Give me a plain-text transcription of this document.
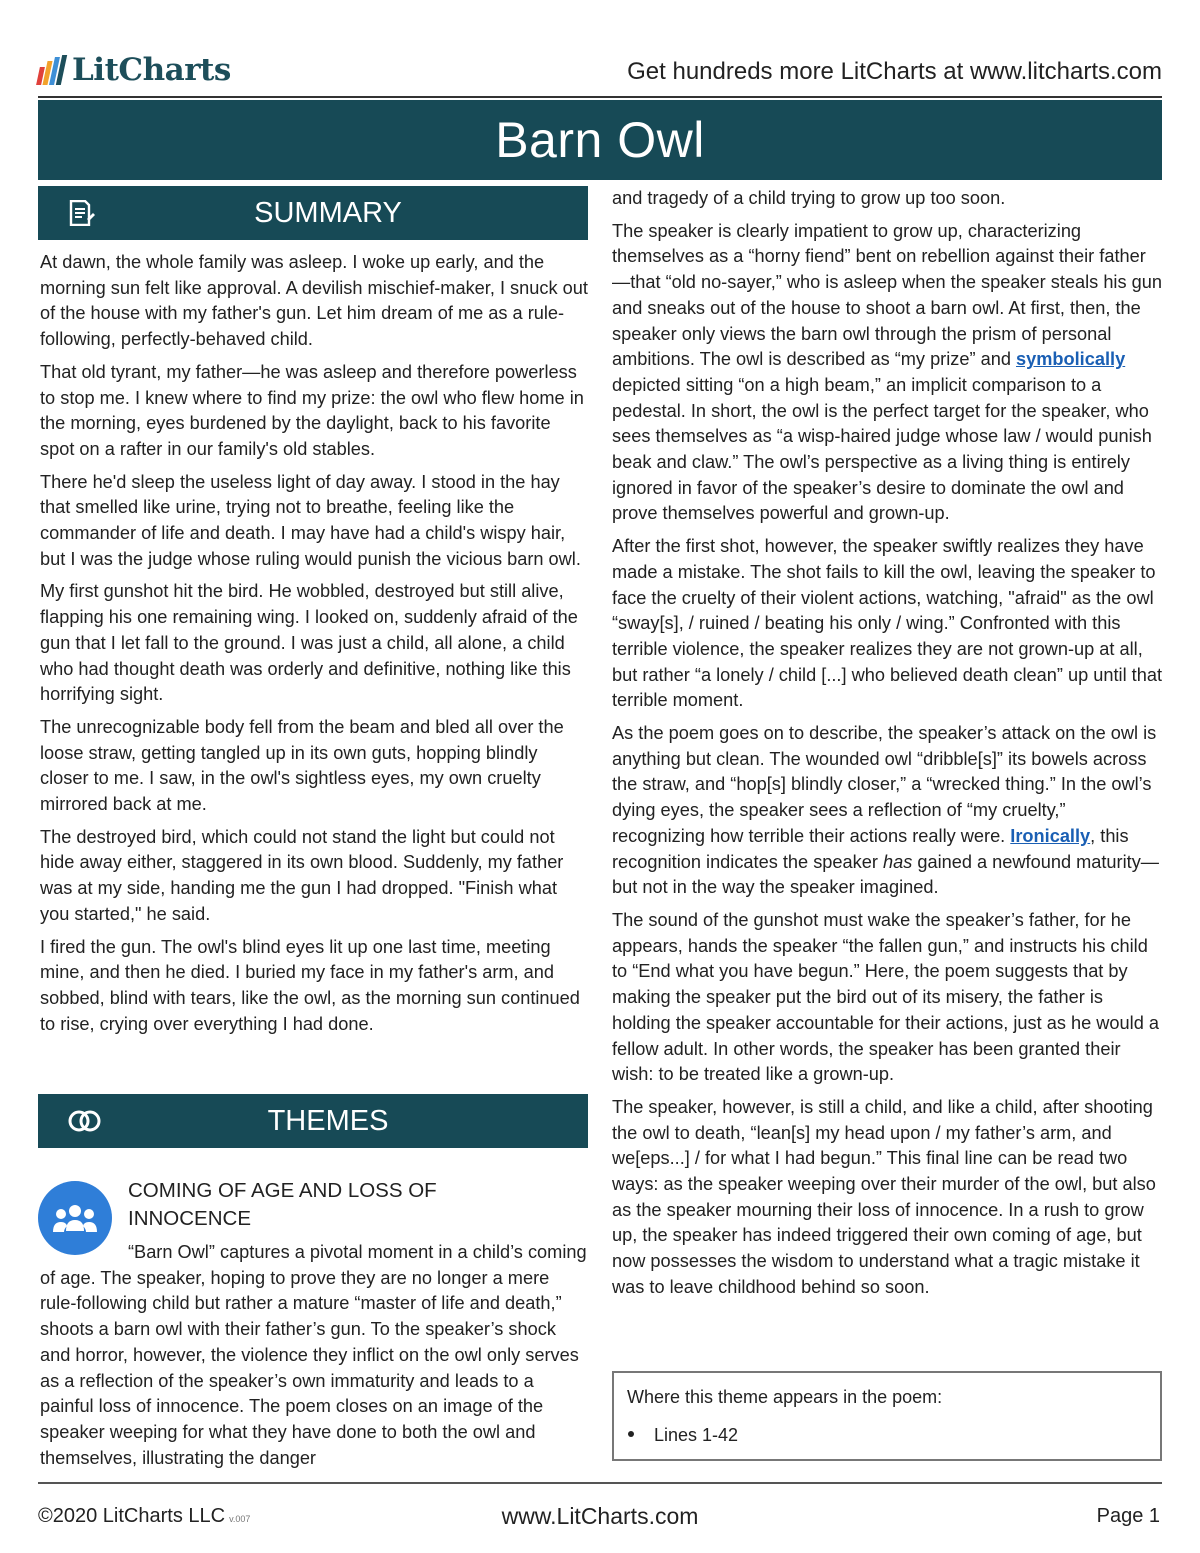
LitCharts	Get hundreds more LitCharts at www.litcharts.com
Barn Owl
SUMMARY

At dawn, the whole family was asleep. I woke up early, and the morning sun felt like approval. A devilish mischief-maker, I snuck out of the house with my father's gun. Let him dream of me as a rule-following, perfectly-behaved child.

That old tyrant, my father—he was asleep and therefore powerless to stop me. I knew where to find my prize: the owl who flew home in the morning, eyes burdened by the daylight, back to his favorite spot on a rafter in our family's old stables.

There he'd sleep the useless light of day away. I stood in the hay that smelled like urine, trying not to breathe, feeling like the commander of life and death. I may have had a child's wispy hair, but I was the judge whose ruling would punish the vicious barn owl.

My first gunshot hit the bird. He wobbled, destroyed but still alive, flapping his one remaining wing. I looked on, suddenly afraid of the gun that I let fall to the ground. I was just a child, all alone, a child who had thought death was orderly and definitive, nothing like this horrifying sight.

The unrecognizable body fell from the beam and bled all over the loose straw, getting tangled up in its own guts, hopping blindly closer to me. I saw, in the owl's sightless eyes, my own cruelty mirrored back at me.

The destroyed bird, which could not stand the light but could not hide away either, staggered in its own blood. Suddenly, my father was at my side, handing me the gun I had dropped. "Finish what you started," he said.

I fired the gun. The owl's blind eyes lit up one last time, meeting mine, and then he died. I buried my face in my father's arm, and sobbed, blind with tears, like the owl, as the morning sun continued to rise, crying over everything I had done.

THEMES
COMING OF AGE AND LOSS OF INNOCENCE

“Barn Owl” captures a pivotal moment in a child’s coming of age. The speaker, hoping to prove they are no longer a mere rule-following child but rather a mature “master of life and death,” shoots a barn owl with their father’s gun. To the speaker’s shock and horror, however, the violence they inflict on the owl only serves as a reflection of the speaker’s own immaturity and leads to a painful loss of innocence. The poem closes on an image of the speaker weeping for what they have done to both the owl and themselves, illustrating the danger

and tragedy of a child trying to grow up too soon.

The speaker is clearly impatient to grow up, characterizing themselves as a “horny fiend” bent on rebellion against their father—that “old no-sayer,” who is asleep when the speaker steals his gun and sneaks out of the house to shoot a barn owl. At first, then, the speaker only views the barn owl through the prism of personal ambitions. The owl is described as “my prize” and symbolically depicted sitting “on a high beam,” an implicit comparison to a pedestal. In short, the owl is the perfect target for the speaker, who sees themselves as “a wisp-haired judge whose law / would punish beak and claw.” The owl’s perspective as a living thing is entirely ignored in favor of the speaker’s desire to dominate the owl and prove themselves powerful and grown-up.

After the first shot, however, the speaker swiftly realizes they have made a mistake. The shot fails to kill the owl, leaving the speaker to face the cruelty of their violent actions, watching, "afraid" as the owl “sway[s], / ruined / beating his only / wing.” Confronted with this terrible violence, the speaker realizes they are not grown-up at all, but rather “a lonely / child [...] who believed death clean” up until that terrible moment.

As the poem goes on to describe, the speaker’s attack on the owl is anything but clean. The wounded owl “dribble[s]” its bowels across the straw, and “hop[s] blindly closer,” a “wrecked thing.” In the owl’s dying eyes, the speaker sees a reflection of “my cruelty,” recognizing how terrible their actions really were. Ironically, this recognition indicates the speaker has gained a newfound maturity—but not in the way the speaker imagined.

The sound of the gunshot must wake the speaker’s father, for he appears, hands the speaker “the fallen gun,” and instructs his child to “End what you have begun.” Here, the poem suggests that by making the speaker put the bird out of its misery, the father is holding the speaker accountable for their actions, just as he would a fellow adult. In other words, the speaker has been granted their wish: to be treated like a grown-up.

The speaker, however, is still a child, and like a child, after shooting the owl to death, “lean[s] my head upon / my father’s arm, and we[eps...] / for what I had begun.” This final line can be read two ways: as the speaker weeping over their murder of the owl, but also as the speaker mourning their loss of innocence. In a rush to grow up, the speaker has indeed triggered their own coming of age, but now possesses the wisdom to understand what a tragic mistake it was to leave childhood behind so soon.

Where this theme appears in the poem:
Lines 1-42
©2020 LitCharts LLC v.007	www.LitCharts.com	Page 1
